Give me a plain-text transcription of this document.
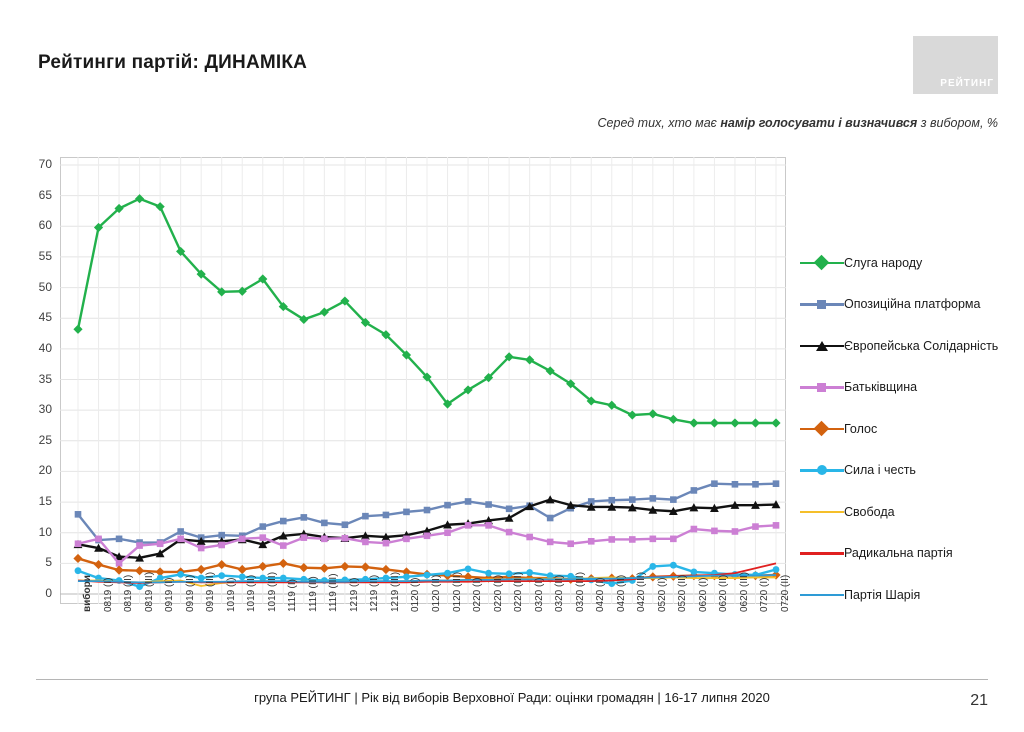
Рейтинги партій: ДИНАМІКА
РЕЙТИНГ
Серед тих, хто має намір голосувати і визначився з вибором, %
0
5
10
15
20
25
30
35
40
45
50
55
60
65
70
вибори 0819 (I) 0819 (II) 0819 (III) 0919 (I) 0919 (II) 0919 (III) 1019 (I) 1019 (II) 1019 (III) 1119 (I) 1119 (II) 1119 (III) 1219 (I) 1219 (II) 1219 (III) 0120 (I) 0120 (II) 0120 (III) 0220 (I) 0220 (II) 0220 (III) 0320 (I) 0320 (II) 0320 (III) 0420 (I) 0420 (II) 0420 (III) 0520 (I) 0520 (II) 0620 (I) 0620 (II) 0620 (III) 0720 (I) 0720 (II)
Слуга народу
Опозиційна платформа
Європейська Солідарність
Батьківщина
Голос
Сила і честь
Свобода
Радикальна партія
Партія Шарія
група РЕЙТИНГ | Рік від виборів Верховної Ради: оцінки громадян | 16-17 липня 2020	21
